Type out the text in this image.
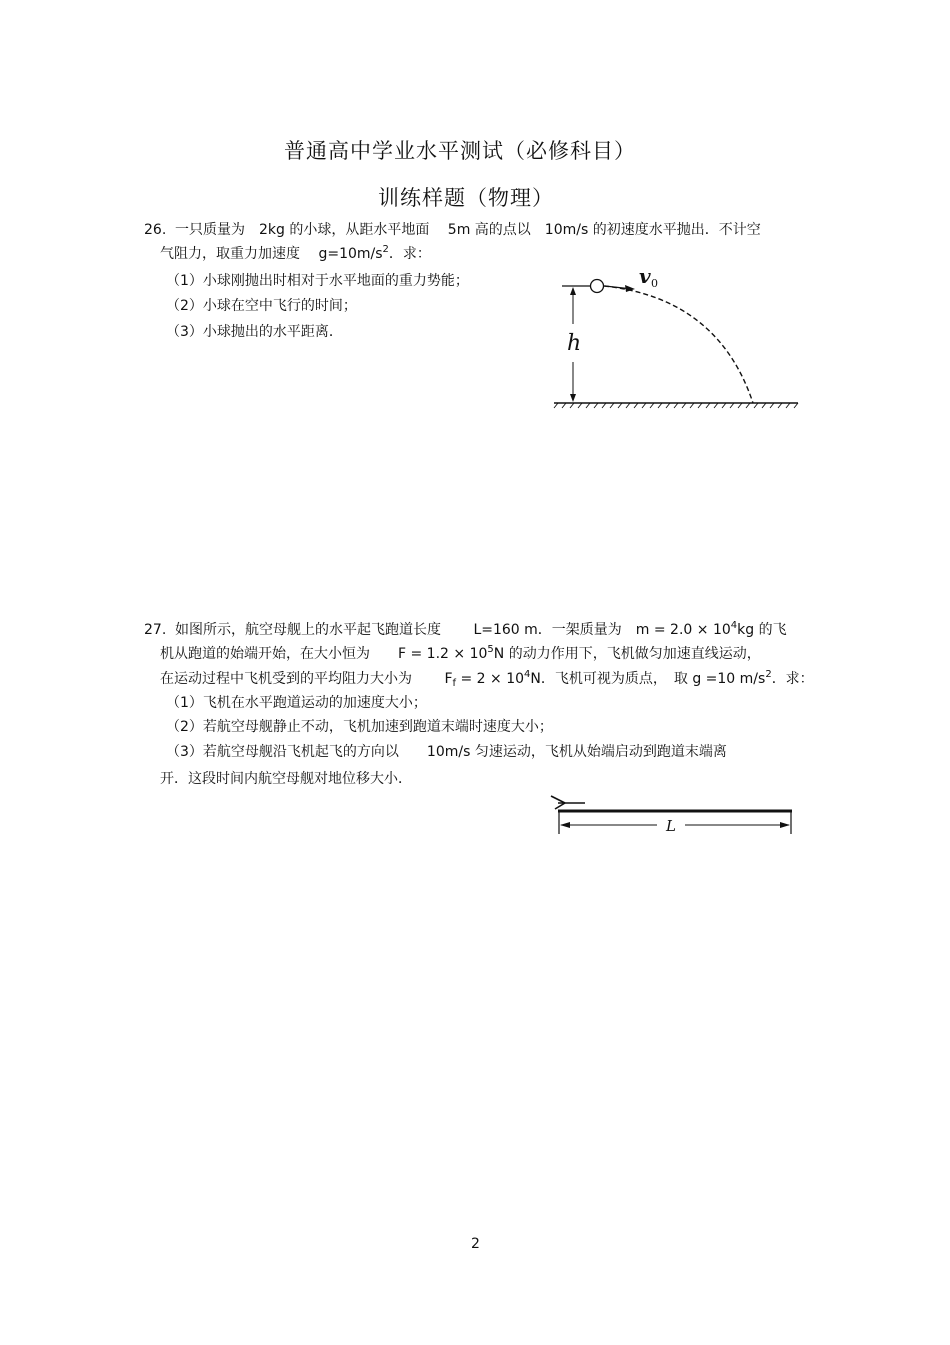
普通高中学业水平测试（必修科目）
训练样题（物理）
26. 一只质量为　2kg 的小球，从距水平地面　 5m 高的点以　10m/s 的初速度水平抛出．不计空
气阻力，取重力加速度　 $g=10m/s^2$．求：
（1）小球刚抛出时相对于水平地面的重力势能；
（2）小球在空中飞行的时间；
（3）小球抛出的水平距离．	h
v 0
27. 如图所示，航空母舰上的水平起飞跑道长度　　 L=160 m．一架质量为　$m = 2.0 \times 10^4kg$ 的飞
机从跑道的始端开始，在大小恒为　　$F = 1.2 \times 10^5N$ 的动力作用下，飞机做匀加速直线运动，
在运动过程中飞机受到的平均阻力大小为　　 $F_f = 2 \times 10^4N$．飞机可视为质点，　取 g =10 $m/s^2$．求：
（1）飞机在水平跑道运动的加速度大小；
（2）若航空母舰静止不动，飞机加速到跑道末端时速度大小；
（3）若航空母舰沿飞机起飞的方向以　　10m/s 匀速运动，飞机从始端启动到跑道末端离
开．这段时间内航空母舰对地位移大小．
L
2
